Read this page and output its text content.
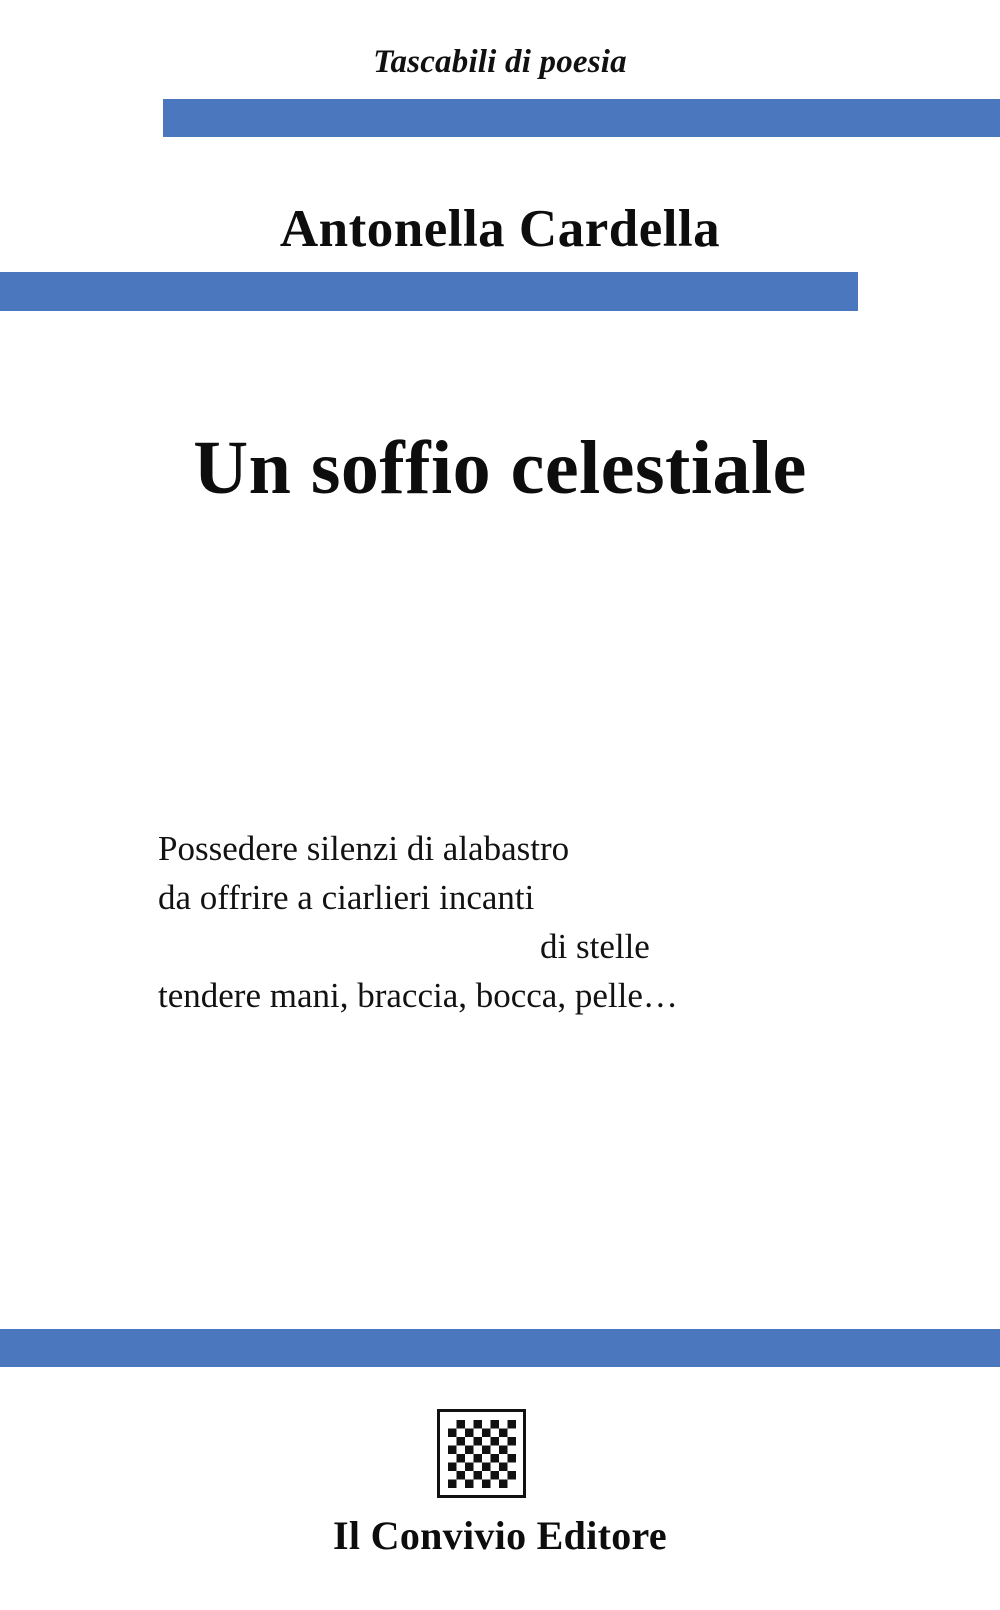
Tascabili di poesia
Antonella Cardella
Un soffio celestiale
Possedere silenzi di alabastro
da offrire a ciarlieri incanti
di stelle
tendere mani, braccia, bocca, pelle…
Il Convivio Editore
